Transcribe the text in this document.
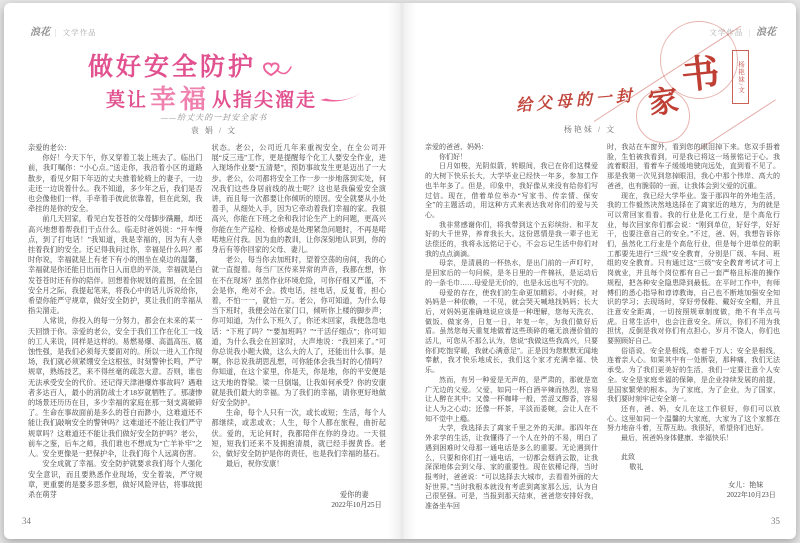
浪花 | 文学作品
做好安全防护
莫让幸福 从指尖溜走
——给丈夫的一封安全家书
袁 娟 / 文

亲爱的老公：

你好！今天下午，你又穿着工装上班去了。临出门前，我叮嘱你：“小心点。”送走你，我沿着小区的道路散步，看见夕阳下年迈的丈夫推着轮椅上的妻子，一边走还一边说着什么。我不知道，多少年之后，我们是否也会像他们一样，手牵着手彼此依靠着，但在此刻，我牵挂的是你的安全。

前几天回家，看见白发苍苍的父母脚步蹒跚，却还高兴地想着帮我们干点什么。临走时爸妈说：“开车慢点，到了打电话！”我知道，我是幸福的，因为有人牵挂着我们的安全。还记得我问过你，幸福是什么吗？那时你说，幸福就是上有老下有小的围坐在桌边的温馨，幸福就是你还能日出而作日入而息的平淡，幸福就是白发苍苍时还有你的陪伴。回想着你规划的蓝图，在全国安全月之际，我提起笔来，将我心中的话儿诉说给你，希望你能严守规章，做好安全防护，莫让我们的幸福从指尖溜走。

人常说，你投入的每一分努力，都会在未来的某一天回馈于你。亲爱的老公，安全于我们工作在化工一线的工人来说，同样是这样的。易燃易爆、高温高压、腐蚀性强，是我们必须每天要面对的。所以一进入工作现场，我们就必须紧绷安全这根弦，时刻警钟长鸣，严守规章，熟练技艺，来不得丝毫的疏忽大意。否则，谁也无法承受安全的代价。还记得天津港爆炸事故吗？遇难者多达百人，最小的消防战士才18岁就牺牲了。那凄惨的场景还历历在目，多少幸福的家庭在那一刻支离破碎了。生命在事故面前是多么的苍白而渺小，这难道还不能让我们敲响安全的警钟吗？这难道还不能让我们严守规章吗？这难道还不能让我们做好安全防护吗？老公，前车之鉴，后车之师，我们谁也不想成为“亡羊补牢”之人。安全更像是一把保护伞，让我们每个人远离伤害。

安全成就了幸福。安全防护就要求我们每个人强化安全意识，而且要熟悉作业现场，安全着装，严守规章，更重要的是要多思多想，做好风险评估，将事故扼杀在萌芽

状态。老公，公司近几年来重视安全，在全公司开展“反三违”工作，更是提醒每个化工人要安全作业，进入现场作业要“五清楚”，预防事故发生更是迈出了一大步。老公，公司都将安全工作一步一步地落到实处，何况我们这些身居前线的战士呢？这也是我偏爱安全演讲，而且每一次都要让你倾听的原因。安全就要从小处着手，从细处入手，因为它牵动着我们幸福的家。我很高兴，你能在下班之余和我讨论生产上的问题，更高兴你能在生产巡检、检修或是处理紧急问题时，不再是喏喏地应付我。因为血的教训，让你深刻地认识到，你的身后有等你回家的父母、妻儿。

老公，每当你去加班时，望着空荡的房间，我的心就一直提着。每当厂区传来异常的声音，我都在想，你在不在现场？虽然作业环境危险，可你仔细又严谨，不会是你，绝对不会。拨电话，挂电话，反复着，担心着，不怕一一，就怕一万。老公，你可知道，为什么每当下班时，我便会站在家门口，倾听你上楼的脚步声；你可知道，为什么下班久了，你还未回家，我便急急电话：“下班了吗？”“要加班吗？”“干活仔细点”；你可知道，为什么我会在回家时，大声地说：“我回来了。”可你总说我小题大做，这么大的人了，还能出什么事。是啊，你总说我胡思乱想，可你能体会我当时的心情吗？你知道，在这个家里，你是天，你是地，你的平安便是这天地的脊梁。梁一旦倒塌，让我如何承受？你的安康就是我们最大的幸福。为了我们的幸福，请你更好地做好安全防护。

生命，每个人只有一次，或长或短；生活，每个人都继续，或悲或欢；人生，每个人都在旅程，曲折起伏。爱的，无论何时，我都陪伴在你的身边。一天很短，短我们还来不及拥抱清晨，就已经手握黄昏。老公，做好安全防护是你的责任，也是我们幸福的基石。

最后，祝你安康！

爱你的妻

2022年10月25日

34
文学作品 | 浪花
给父母的一封 家
书	杨艳妹/文
杨艳妹 / 文

亲爱的爸爸、妈妈：

你们好！

日月如梭，光阴似箭，转眼间，我已在你们这棵爱的大树下快乐长大，大学毕业已经快一年多，参加工作也半年多了。但是，印象中，我好像从来没有给你们写过信。现在，借着单位举办“写家书、传亲情、保安全”的主题活动，用这种方式来表达我对你们的爱与关心。

我非常感谢你们，将我带到这个五彩缤纷、和平友好的大千世界，养育我长大。这份恩情是我一辈子也无法偿还的，我将永远铭记于心，不会忘记生活中你们对我的点点滴滴。

母亲，是清晨的一杯热水，是出门前的一声叮咛，是回家后的一句问候，是冬日里的一件棉袄，是运动后的一条毛巾……母爱是无价的，也是永远也写不完的。

母爱的存在，使我们的生命更加精彩。小时候，对妈妈是一种依赖，一不见，就会哭天喊地找妈妈；长大后，对妈妈更准确地说应该是一种理解，您每天洗衣、做饭、做家务，日复一日，年复一年，为我们做好后盾。虽然您每天重复地做着这些琐碎的毫无浪漫价值的活儿，可您从不那么认为，您说“我做这些我高兴，只要你们吃饱穿暖，我就心满意足”。正是因为您默默无闻地奉献，我才快乐地成长，我们这个家才充满幸福、快乐。

然而，有另一种爱是无声的，是严肃的，那就是宽广无边的父爱。父爱，如同一杯白酒辛辣而热烈，容易让人醉在其中；又像一杯咖啡一般，苦涩又醇香，容易让人为之心动；还像一杯茶，平淡而委婉，会让人在不知不觉中上瘾。

大学，我选择去了离家千里之外的天津。那四年在外求学的生活，让我懂得了一个人在外的不易，明白了遇到困难时父母那一通电话是多么的重要。无论遇到什么，只要和你们打一通电话，一切都会烟消云散，让我深深地体会到父母、家的重要性。现在依稀记得，当时报考时，爸爸说：“可以选择去大城市，去看看外面的大好世界。”当时我根本就没有考虑到离家那么远，认为自己很坚强。可是，当报到那天结束，爸爸您安排好我，准备坐车回

时，我站在车窗外，看到您的眼泪掉下来。您双手捂着脸，生怕被我看到，可是我已将这一场景铭记于心。我流着眼泪，看着车子缓缓地驶向远处，直到看不见了。那是我第一次见到您掉眼泪，我心中那个伟岸、高大的爸爸，也有脆弱的一面，让我体会到父爱的沉重。

现在，我已经大学毕业。鉴于那四年的外地生活，我的工作毅然决然地选择在了离家近的地方，为的就是可以常回家看看。我的行业是化工行业，是个高危行业，每次回家你们都会说：“刚到单位，好好学，好好干，也要注意自己的安全。”不过，爸、妈，我想告诉你们，虽然化工行业是个高危行业，但是每个进单位的职工都要先进行“三级”安全教育，分别是厂级、车间、班组的安全教育。只有通过这“三级”安全教育考试才可上岗就业，并且每个岗位都有自己一套严格且标准的操作规程，把各种安全隐患降到最低。在平时工作中，有师傅们的悉心指导和谆谆教诲，自己也不断地加强安全知识的学习；去现场时，穿好劳保鞋、戴好安全帽，并且注意安全距离，一切按照规章制度做，绝不有半点马虎。日常生活中，也会注意安全。所以，你们不用为我担忧，反倒是我对你们有点担心，岁月不饶人，你们也要照顾好自己。

俗语说，安全是根线，牵着千万人；安全是根线，连着亲人心。如果其中有一处断裂，那种痛，我们无法承受。为了我们更美好的生活，我们一定要注意个人安全。安全是家庭幸福的保障，是企业持续发展的前提，是国家繁荣的根本。为了家庭，为了企业，为了国家，我们要时刻牢记安全第一。

还有，爸、妈，女儿在这工作很好，你们可以放心。这里如同一个温馨的大家庭，大家为了这个家都在努力地奋斗着，互帮互助。我很好，希望你们也好。

最后，祝爸妈身体健康、幸福快乐！

此致

敬礼

女儿：艳妹

2022年10月23日

35
